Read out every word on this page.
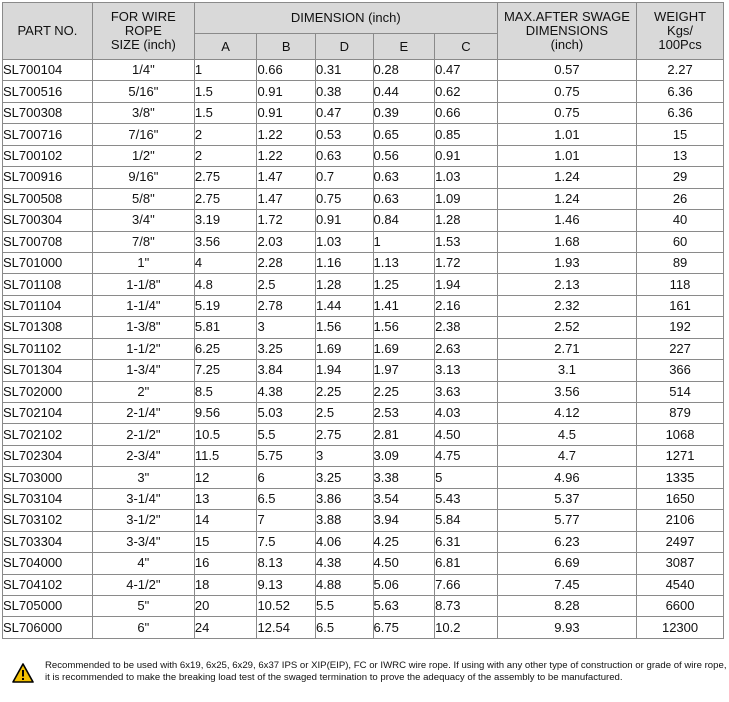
PART NO.	FOR WIRE
ROPE
SIZE (inch)	DIMENSION (inch)					MAX.AFTER SWAGE
DIMENSIONS
(inch)	WEIGHT
Kgs/
100Pcs
		A	B	D	E	C		
SL700104	1/4"	1	0.66	0.31	0.28	0.47	0.57	2.27
SL700516	5/16"	1.5	0.91	0.38	0.44	0.62	0.75	6.36
SL700308	3/8"	1.5	0.91	0.47	0.39	0.66	0.75	6.36
SL700716	7/16"	2	1.22	0.53	0.65	0.85	1.01	15
SL700102	1/2"	2	1.22	0.63	0.56	0.91	1.01	13
SL700916	9/16"	2.75	1.47	0.7	0.63	1.03	1.24	29
SL700508	5/8"	2.75	1.47	0.75	0.63	1.09	1.24	26
SL700304	3/4"	3.19	1.72	0.91	0.84	1.28	1.46	40
SL700708	7/8"	3.56	2.03	1.03	1	1.53	1.68	60
SL701000	1"	4	2.28	1.16	1.13	1.72	1.93	89
SL701108	1-1/8"	4.8	2.5	1.28	1.25	1.94	2.13	118
SL701104	1-1/4"	5.19	2.78	1.44	1.41	2.16	2.32	161
SL701308	1-3/8"	5.81	3	1.56	1.56	2.38	2.52	192
SL701102	1-1/2"	6.25	3.25	1.69	1.69	2.63	2.71	227
SL701304	1-3/4"	7.25	3.84	1.94	1.97	3.13	3.1	366
SL702000	2"	8.5	4.38	2.25	2.25	3.63	3.56	514
SL702104	2-1/4"	9.56	5.03	2.5	2.53	4.03	4.12	879
SL702102	2-1/2"	10.5	5.5	2.75	2.81	4.50	4.5	1068
SL702304	2-3/4"	11.5	5.75	3	3.09	4.75	4.7	1271
SL703000	3"	12	6	3.25	3.38	5	4.96	1335
SL703104	3-1/4"	13	6.5	3.86	3.54	5.43	5.37	1650
SL703102	3-1/2"	14	7	3.88	3.94	5.84	5.77	2106
SL703304	3-3/4"	15	7.5	4.06	4.25	6.31	6.23	2497
SL704000	4"	16	8.13	4.38	4.50	6.81	6.69	3087
SL704102	4-1/2"	18	9.13	4.88	5.06	7.66	7.45	4540
SL705000	5"	20	10.52	5.5	5.63	8.73	8.28	6600
SL706000	6"	24	12.54	6.5	6.75	10.2	9.93	12300
Recommended to be used with 6x19, 6x25, 6x29, 6x37 IPS or XIP(EIP), FC or IWRC wire rope. If using with any other type of construction or grade of wire rope,
it is recommended to make the breaking load test of the swaged termination to prove the adequacy of the assembly to be manufactured.
